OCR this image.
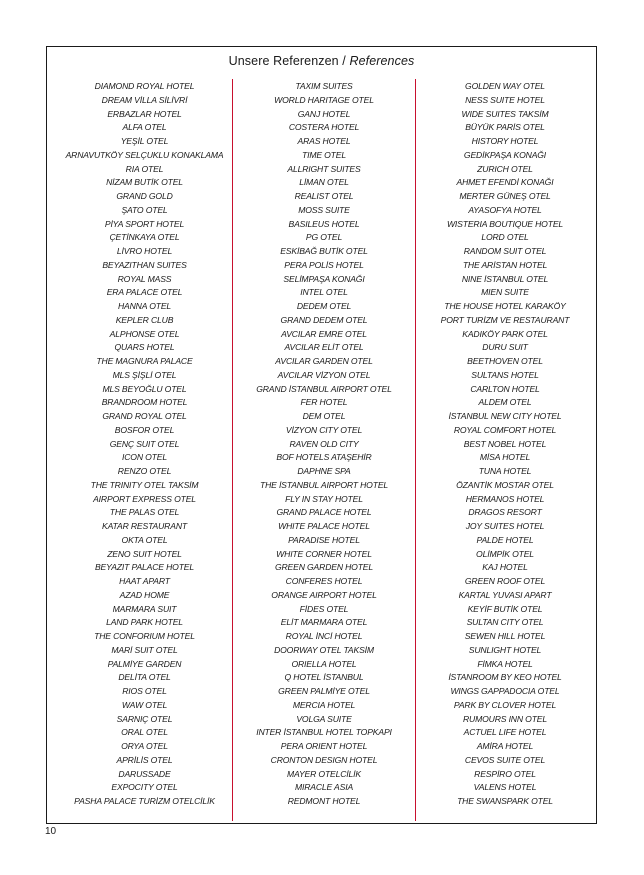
Unsere Referenzen / References
DIAMOND ROYAL HOTEL
DREAM VİLLA SİLİVRİ
ERBAZLAR HOTEL
ALFA OTEL
YEŞİL OTEL
ARNAVUTKÖY SELÇUKLU KONAKLAMA
RIA OTEL
NİZAM BUTİK OTEL
GRAND GOLD
ŞATO OTEL
PİYA SPORT HOTEL
ÇETİNKAYA OTEL
LİVRO HOTEL
BEYAZITHAN SUITES
ROYAL MASS
ERA PALACE OTEL
HANNA OTEL
KEPLER CLUB
ALPHONSE OTEL
QUARS HOTEL
THE MAGNURA PALACE
MLS ŞİŞLİ OTEL
MLS BEYOĞLU OTEL
BRANDROOM HOTEL
GRAND ROYAL OTEL
BOSFOR OTEL
GENÇ SUIT OTEL
ICON OTEL
RENZO OTEL
THE TRINITY OTEL TAKSİM
AIRPORT EXPRESS OTEL
THE PALAS OTEL
KATAR RESTAURANT
OKTA OTEL
ZENO SUIT HOTEL
BEYAZIT PALACE HOTEL
HAAT APART
AZAD HOME
MARMARA SUIT
LAND PARK HOTEL
THE CONFORIUM HOTEL
MARİ SUIT OTEL
PALMİYE GARDEN
DELİTA OTEL
RIOS OTEL
WAW OTEL
SARNIÇ OTEL
ORAL OTEL
ORYA OTEL
APRİLİS OTEL
DARUSSADE
EXPOCITY OTEL
PASHA PALACE TURİZM OTELCİLİK
TAXIM SUITES
WORLD HARITAGE OTEL
GANJ HOTEL
COSTERA HOTEL
ARAS HOTEL
TIME OTEL
ALLRIGHT SUITES
LİMAN OTEL
REALIST OTEL
MOSS SUITE
BASILEUS HOTEL
PG OTEL
ESKİBAĞ BUTİK OTEL
PERA POLİS HOTEL
SELİMPAŞA KONAĞI
INTEL OTEL
DEDEM OTEL
GRAND DEDEM OTEL
AVCILAR EMRE OTEL
AVCILAR ELİT OTEL
AVCILAR GARDEN OTEL
AVCILAR VİZYON OTEL
GRAND İSTANBUL AIRPORT OTEL
FER HOTEL
DEM OTEL
VİZYON CITY OTEL
RAVEN OLD CITY
BOF HOTELS ATAŞEHİR
DAPHNE SPA
THE İSTANBUL AIRPORT HOTEL
FLY IN STAY HOTEL
GRAND PALACE HOTEL
WHITE PALACE HOTEL
PARADISE HOTEL
WHITE CORNER HOTEL
GREEN GARDEN HOTEL
CONFERES HOTEL
ORANGE AIRPORT HOTEL
FİDES OTEL
ELİT MARMARA OTEL
ROYAL İNCİ HOTEL
DOORWAY OTEL TAKSİM
ORIELLA HOTEL
Q HOTEL İSTANBUL
GREEN PALMİYE OTEL
MERCIA HOTEL
VOLGA SUITE
INTER İSTANBUL HOTEL TOPKAPI
PERA ORIENT HOTEL
CRONTON DESIGN HOTEL
MAYER OTELCİLİK
MIRACLE ASIA
REDMONT HOTEL
GOLDEN WAY OTEL
NESS SUITE HOTEL
WIDE SUITES TAKSİM
BÜYÜK PARİS OTEL
HISTORY HOTEL
GEDİKPAŞA KONAĞI
ZURICH OTEL
AHMET EFENDİ KONAĞI
MERTER GÜNEŞ OTEL
AYASOFYA HOTEL
WISTERIA BOUTIQUE HOTEL
LORD OTEL
RANDOM SUIT OTEL
THE ARİSTAN HOTEL
NINE İSTANBUL OTEL
MIEN SUITE
THE HOUSE HOTEL KARAKÖY
PORT TURİZM VE RESTAURANT
KADIKÖY PARK OTEL
DURU SUIT
BEETHOVEN OTEL
SULTANS HOTEL
CARLTON HOTEL
ALDEM OTEL
İSTANBUL NEW CITY HOTEL
ROYAL COMFORT HOTEL
BEST NOBEL HOTEL
MİSA HOTEL
TUNA HOTEL
ÖZANTİK MOSTAR OTEL
HERMANOS HOTEL
DRAGOS RESORT
JOY SUITES HOTEL
PALDE HOTEL
OLİMPİK OTEL
KAJ HOTEL
GREEN ROOF OTEL
KARTAL YUVASI APART
KEYİF BUTİK OTEL
SULTAN CITY OTEL
SEWEN HILL HOTEL
SUNLIGHT HOTEL
FİMKA HOTEL
İSTANROOM BY KEO HOTEL
WINGS GAPPADOCIA OTEL
PARK BY CLOVER HOTEL
RUMOURS INN OTEL
ACTUEL LIFE HOTEL
AMİRA HOTEL
CEVOS SUITE OTEL
RESPİRO OTEL
VALENS HOTEL
THE SWANSPARK OTEL
10
